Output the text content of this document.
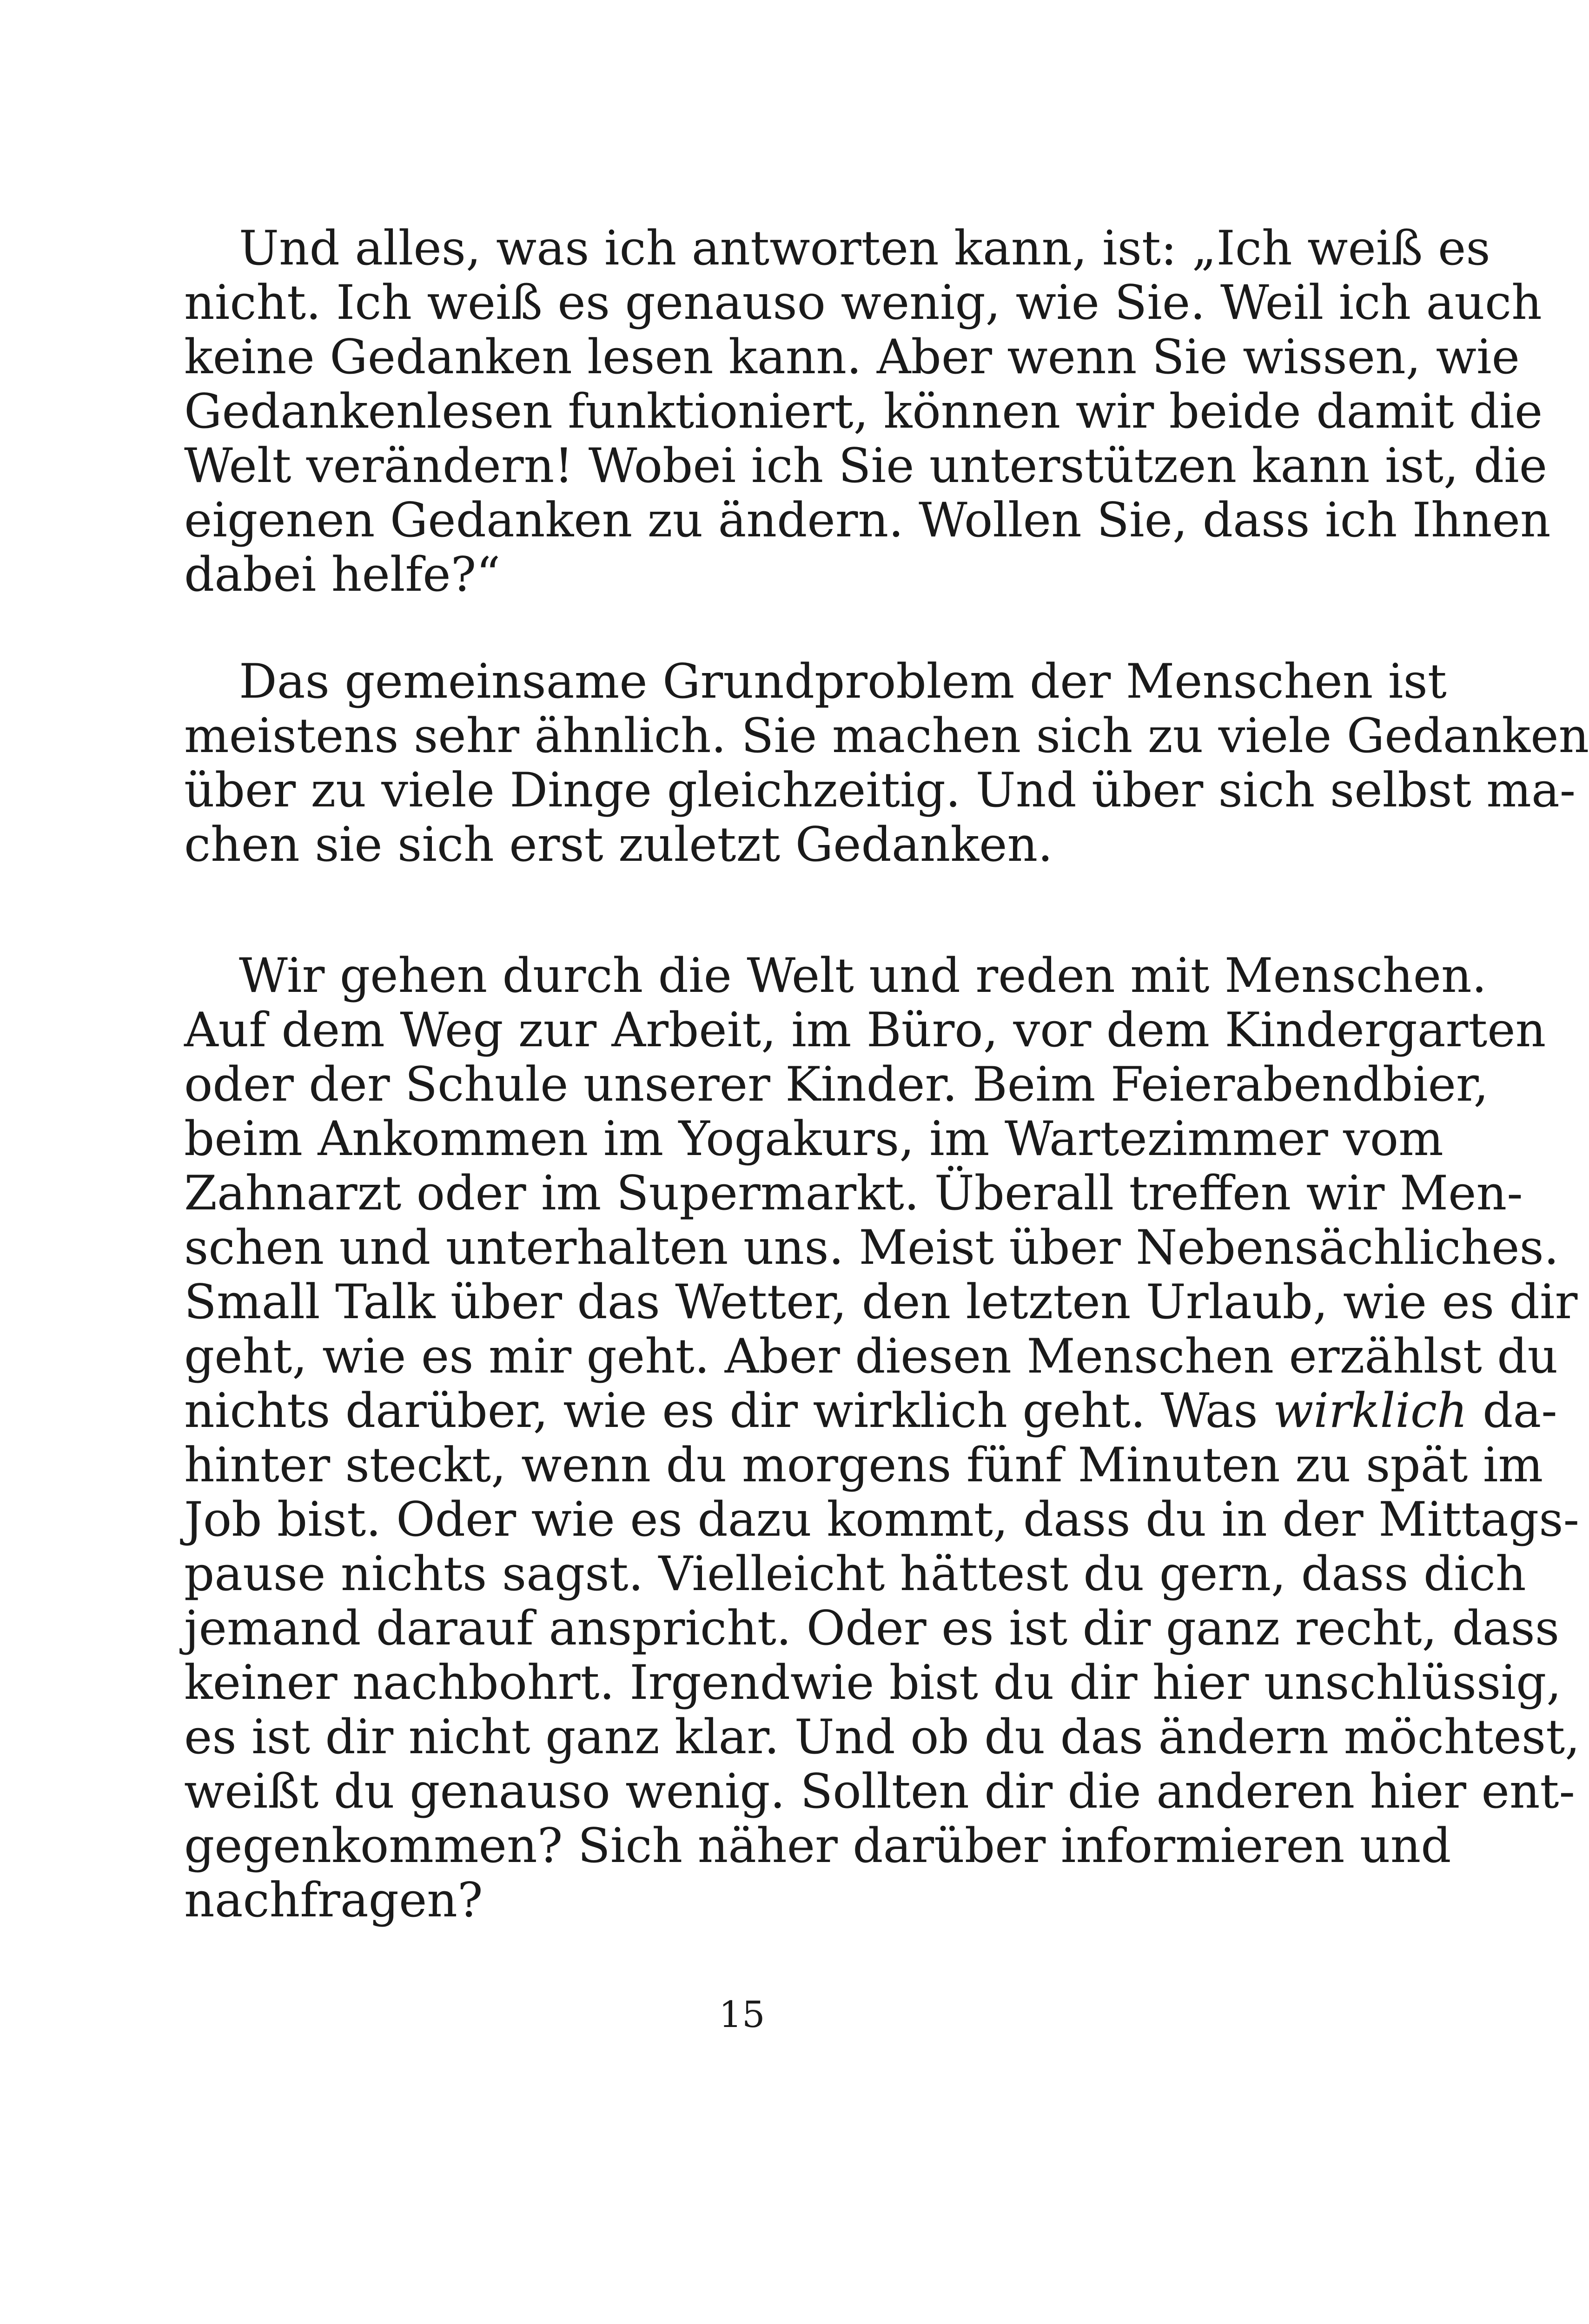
Und alles, was ich antworten kann, ist: „Ich weiß es
nicht. Ich weiß es genauso wenig, wie Sie. Weil ich auch
keine Gedanken lesen kann. Aber wenn Sie wissen, wie
Gedankenlesen funktioniert, können wir beide damit die
Welt verändern! Wobei ich Sie unterstützen kann ist, die
eigenen Gedanken zu ändern. Wollen Sie, dass ich Ihnen
dabei helfe?“
Das gemeinsame Grundproblem der Menschen ist
meistens sehr ähnlich. Sie machen sich zu viele Gedanken
über zu viele Dinge gleichzeitig. Und über sich selbst ma-
chen sie sich erst zuletzt Gedanken.
Wir gehen durch die Welt und reden mit Menschen.
Auf dem Weg zur Arbeit, im Büro, vor dem Kindergarten
oder der Schule unserer Kinder. Beim Feierabendbier,
beim Ankommen im Yogakurs, im Wartezimmer vom
Zahnarzt oder im Supermarkt. Überall treffen wir Men-
schen und unterhalten uns. Meist über Nebensächliches.
Small Talk über das Wetter, den letzten Urlaub, wie es dir
geht, wie es mir geht. Aber diesen Menschen erzählst du
nichts darüber, wie es dir wirklich geht. Was wirklich da-
hinter steckt, wenn du morgens fünf Minuten zu spät im
Job bist. Oder wie es dazu kommt, dass du in der Mittags-
pause nichts sagst. Vielleicht hättest du gern, dass dich
jemand darauf anspricht. Oder es ist dir ganz recht, dass
keiner nachbohrt. Irgendwie bist du dir hier unschlüssig,
es ist dir nicht ganz klar. Und ob du das ändern möchtest,
weißt du genauso wenig. Sollten dir die anderen hier ent-
gegenkommen? Sich näher darüber informieren und
nachfragen?
15
